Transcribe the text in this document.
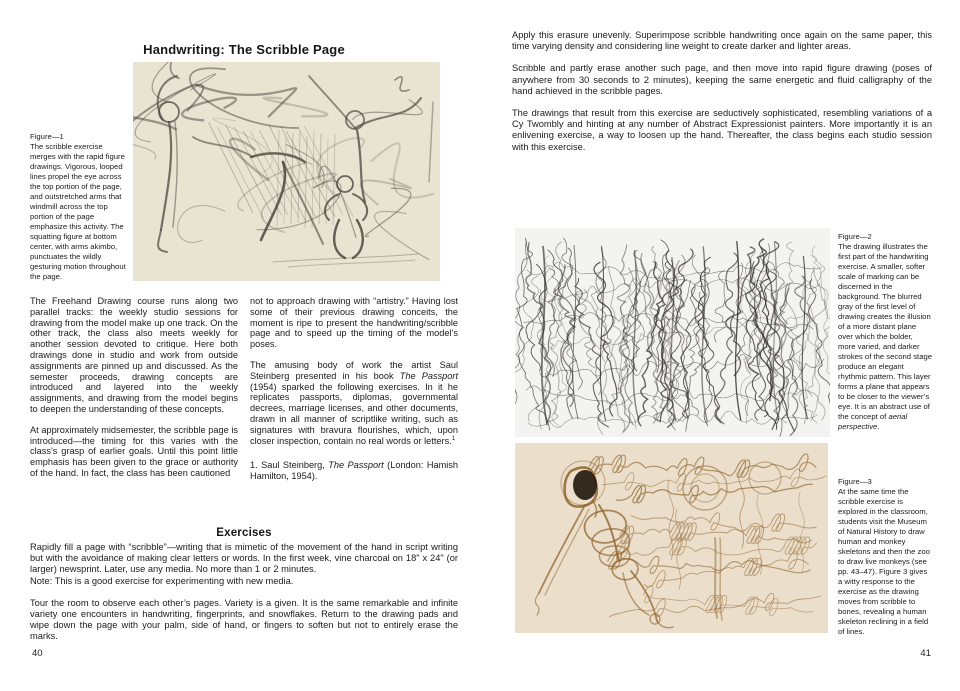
Handwriting: The Scribble Page
Figure—1
The scribble exercise merges with the rapid figure drawings. Vigorous, looped lines propel the eye across the top portion of the page, and outstretched arms that windmill across the top portion of the page emphasize this activity. The squatting figure at bottom center, with arms akimbo, punctuates the wildly gesturing motion throughout the page.

The Freehand Drawing course runs along two parallel tracks: the weekly studio sessions for drawing from the model make up one track. On the other track, the class also meets weekly for another session devoted to critique. Here both drawings done in studio and work from outside assignments are pinned up and discussed. As the semester proceeds, drawing concepts are introduced and layered into the weekly assignments, and drawing from the model begins to deepen the understanding of these concepts.

At approximately midsemester, the scribble page is introduced—the timing for this varies with the class’s grasp of earlier goals. Until this point little emphasis has been given to the grace or authority of the hand. In fact, the class has been cautioned

not to approach drawing with “artistry.” Having lost some of their previous drawing conceits, the moment is ripe to present the handwriting/scribble page and to speed up the timing of the model’s poses.

The amusing body of work the artist Saul Steinberg presented in his book The Passport (1954) sparked the following exercises. In it he replicates passports, diplomas, governmental decrees, marriage licenses, and other documents, drawn in all manner of scriptlike writing, such as signatures with bravura flourishes, which, upon closer inspection, contain no real words or letters.$^1$

1. Saul Steinberg, The Passport (London: Hamish Hamilton, 1954).

Exercises

Rapidly fill a page with “scribble”—writing that is mimetic of the movement of the hand in script writing but with the avoidance of making clear letters or words. In the first week, vine charcoal on 18" x 24" (or larger) newsprint. Later, use any media. No more than 1 or 2 minutes.

Note: This is a good exercise for experimenting with new media.

Tour the room to observe each other’s pages. Variety is a given. It is the same remarkable and infinite variety one encounters in handwriting, fingerprints, and snowflakes. Return to the drawing pads and wipe down the page with your palm, side of hand, or fingers to soften but not to entirely erase the marks.

40

Apply this erasure unevenly. Superimpose scribble handwriting once again on the same paper, this time varying density and considering line weight to create darker and lighter areas.

Scribble and partly erase another such page, and then move into rapid figure drawing (poses of anywhere from 30 seconds to 2 minutes), keeping the same energetic and fluid calligraphy of the hand achieved in the scribble pages.

The drawings that result from this exercise are seductively sophisticated, resembling variations of a Cy Twombly and hinting at any number of Abstract Expressionist painters. More importantly it is an enlivening exercise, a way to loosen up the hand. Thereafter, the class begins each studio session with this exercise.

Figure—2
The drawing illustrates the first part of the handwriting exercise. A smaller, softer scale of marking can be discerned in the background. The blurred gray of the first level of drawing creates the illusion of a more distant plane over which the bolder, more varied, and darker strokes of the second stage produce an elegant rhythmic pattern. This layer forms a plane that appears to be closer to the viewer’s eye. It is an abstract use of the concept of aerial perspective.
Figure—3
At the same time the scribble exercise is explored in the classroom, students visit the Museum of Natural History to draw human and monkey skeletons and then the zoo to draw live monkeys (see pp. 43–47). Figure 3 gives a witty response to the exercise as the drawing moves from scribble to bones, revealing a human skeleton reclining in a field of lines.
41
